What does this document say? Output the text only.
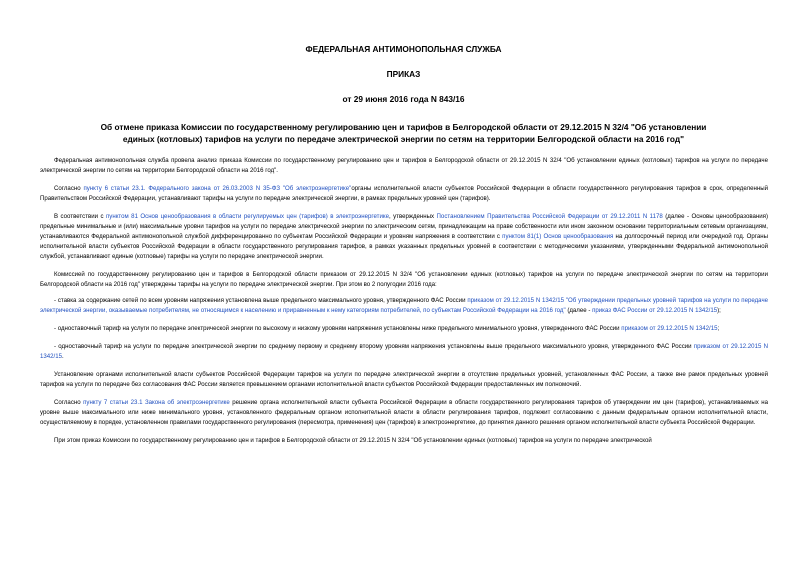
ФЕДЕРАЛЬНАЯ АНТИМОНОПОЛЬНАЯ СЛУЖБА
ПРИКАЗ
от 29 июня 2016 года N 843/16
Об отмене приказа Комиссии по государственному регулированию цен и тарифов в Белгородской области от 29.12.2015 N 32/4 "Об установлении единых (котловых) тарифов на услуги по передаче электрической энергии по сетям на территории Белгородской области на 2016 год"

Федеральная антимонопольная служба провела анализ приказа Комиссии по государственному регулированию цен и тарифов в Белгородской области от 29.12.2015 N 32/4 "Об установлении единых (котловых) тарифов на услуги по передаче электрической энергии по сетям на территории Белгородской области на 2016 год".

Согласно пункту 6 статьи 23.1. Федерального закона от 26.03.2003 N 35-ФЗ "Об электроэнергетике"органы исполнительной власти субъектов Российской Федерации в области государственного регулирования тарифов в срок, определенный Правительством Российской Федерации, устанавливают тарифы на услуги по передаче электрической энергии, в рамках предельных уровней цен (тарифов).

В соответствии с пунктом 81 Основ ценообразования в области регулируемых цен (тарифов) в электроэнергетике, утвержденных Постановлением Правительства Российской Федерации от 29.12.2011 N 1178 (далее - Основы ценообразования) предельные минимальные и (или) максимальные уровни тарифов на услуги по передаче электрической энергии по электрическим сетям, принадлежащим на праве собственности или ином законном основании территориальным сетевым организациям, устанавливаются Федеральной антимонопольной службой дифференцированно по субъектам Российской Федерации и уровням напряжения в соответствии с пунктом 81(1) Основ ценообразования на долгосрочный период или очередной год. Органы исполнительной власти субъектов Российской Федерации в области государственного регулирования тарифов, в рамках указанных предельных уровней в соответствии с методическими указаниями, утвержденными Федеральной антимонопольной службой, устанавливают единые (котловые) тарифы на услуги по передаче электрической энергии.

Комиссией по государственному регулированию цен и тарифов в Белгородской области приказом от 29.12.2015 N 32/4 "Об установлении единых (котловых) тарифов на услуги по передаче электрической энергии по сетям на территории Белгородской области на 2016 год" утверждены тарифы на услуги по передаче электрической энергии. При этом во 2 полугодии 2016 года:

- ставка за содержание сетей по всем уровням напряжения установлена выше предельного максимального уровня, утвержденного ФАС России приказом от 29.12.2015 N 1342/15 "Об утверждении предельных уровней тарифов на услуги по передаче электрической энергии, оказываемые потребителям, не относящимся к населению и приравненным к нему категориям потребителей, по субъектам Российской Федерации на 2016 год" (далее - приказ ФАС России от 29.12.2015 N 1342/15);

- одноставочный тариф на услуги по передаче электрической энергии по высокому и низкому уровням напряжения установлены ниже предельного минимального уровня, утвержденного ФАС России приказом от 29.12.2015 N 1342/15;

- одноставочный тариф на услуги по передаче электрической энергии по среднему первому и среднему второму уровням напряжения установлены выше предельного максимального уровня, утвержденного ФАС России приказом от 29.12.2015 N 1342/15.

Установление органами исполнительной власти субъектов Российской Федерации тарифов на услуги по передаче электрической энергии в отсутствие предельных уровней, установленных ФАС России, а также вне рамок предельных уровней тарифов на услуги по передаче без согласования ФАС России является превышением органами исполнительной власти субъектов Российской Федерации предоставленных им полномочий.

Согласно пункту 7 статьи 23.1 Закона об электроэнергетике решение органа исполнительной власти субъекта Российской Федерации в области государственного регулирования тарифов об утверждении им цен (тарифов), устанавливаемых на уровне выше максимального или ниже минимального уровня, установленного федеральным органом исполнительной власти в области регулирования тарифов, подлежит согласованию с данным федеральным органом исполнительной власти, осуществляемому в порядке, установленном правилами государственного регулирования (пересмотра, применения) цен (тарифов) в электроэнергетике, до принятия данного решения органом исполнительной власти субъекта Российской Федерации.

При этом приказ Комиссии по государственному регулированию цен и тарифов в Белгородской области от 29.12.2015 N 32/4 "Об установлении единых (котловых) тарифов на услуги по передаче электрической
